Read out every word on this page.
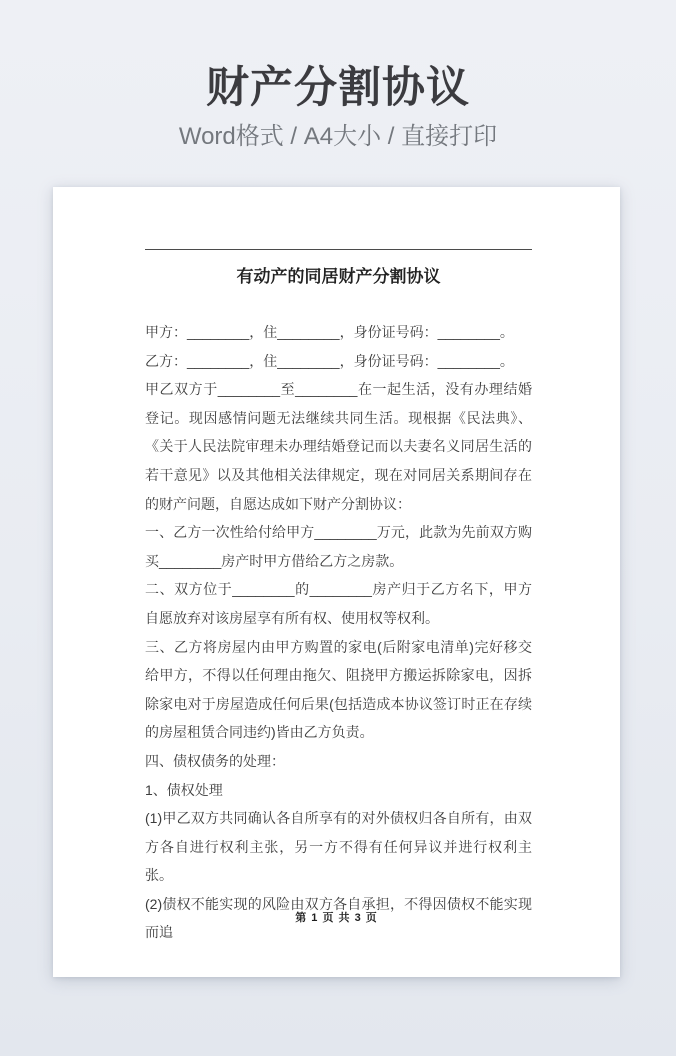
财产分割协议
Word格式 / A4大小 / 直接打印
有动产的同居财产分割协议

甲方：________，住________，身份证号码：________。

乙方：________，住________，身份证号码：________。

甲乙双方于________至________在一起生活，没有办理结婚登记。现因感情问题无法继续共同生活。现根据《民法典》、《关于人民法院审理未办理结婚登记而以夫妻名义同居生活的若干意见》以及其他相关法律规定，现在对同居关系期间存在的财产问题，自愿达成如下财产分割协议：

一、乙方一次性给付给甲方________万元，此款为先前双方购买________房产时甲方借给乙方之房款。

二、双方位于________的________房产归于乙方名下，甲方自愿放弃对该房屋享有所有权、使用权等权利。

三、乙方将房屋内由甲方购置的家电(后附家电清单)完好移交给甲方，不得以任何理由拖欠、阻挠甲方搬运拆除家电，因拆除家电对于房屋造成任何后果(包括造成本协议签订时正在存续的房屋租赁合同违约)皆由乙方负责。

四、债权债务的处理：

1、债权处理

(1)甲乙双方共同确认各自所享有的对外债权归各自所有，由双方各自进行权利主张，另一方不得有任何异议并进行权利主张。

(2)债权不能实现的风险由双方各自承担，不得因债权不能实现而追

第 1 页 共 3 页
